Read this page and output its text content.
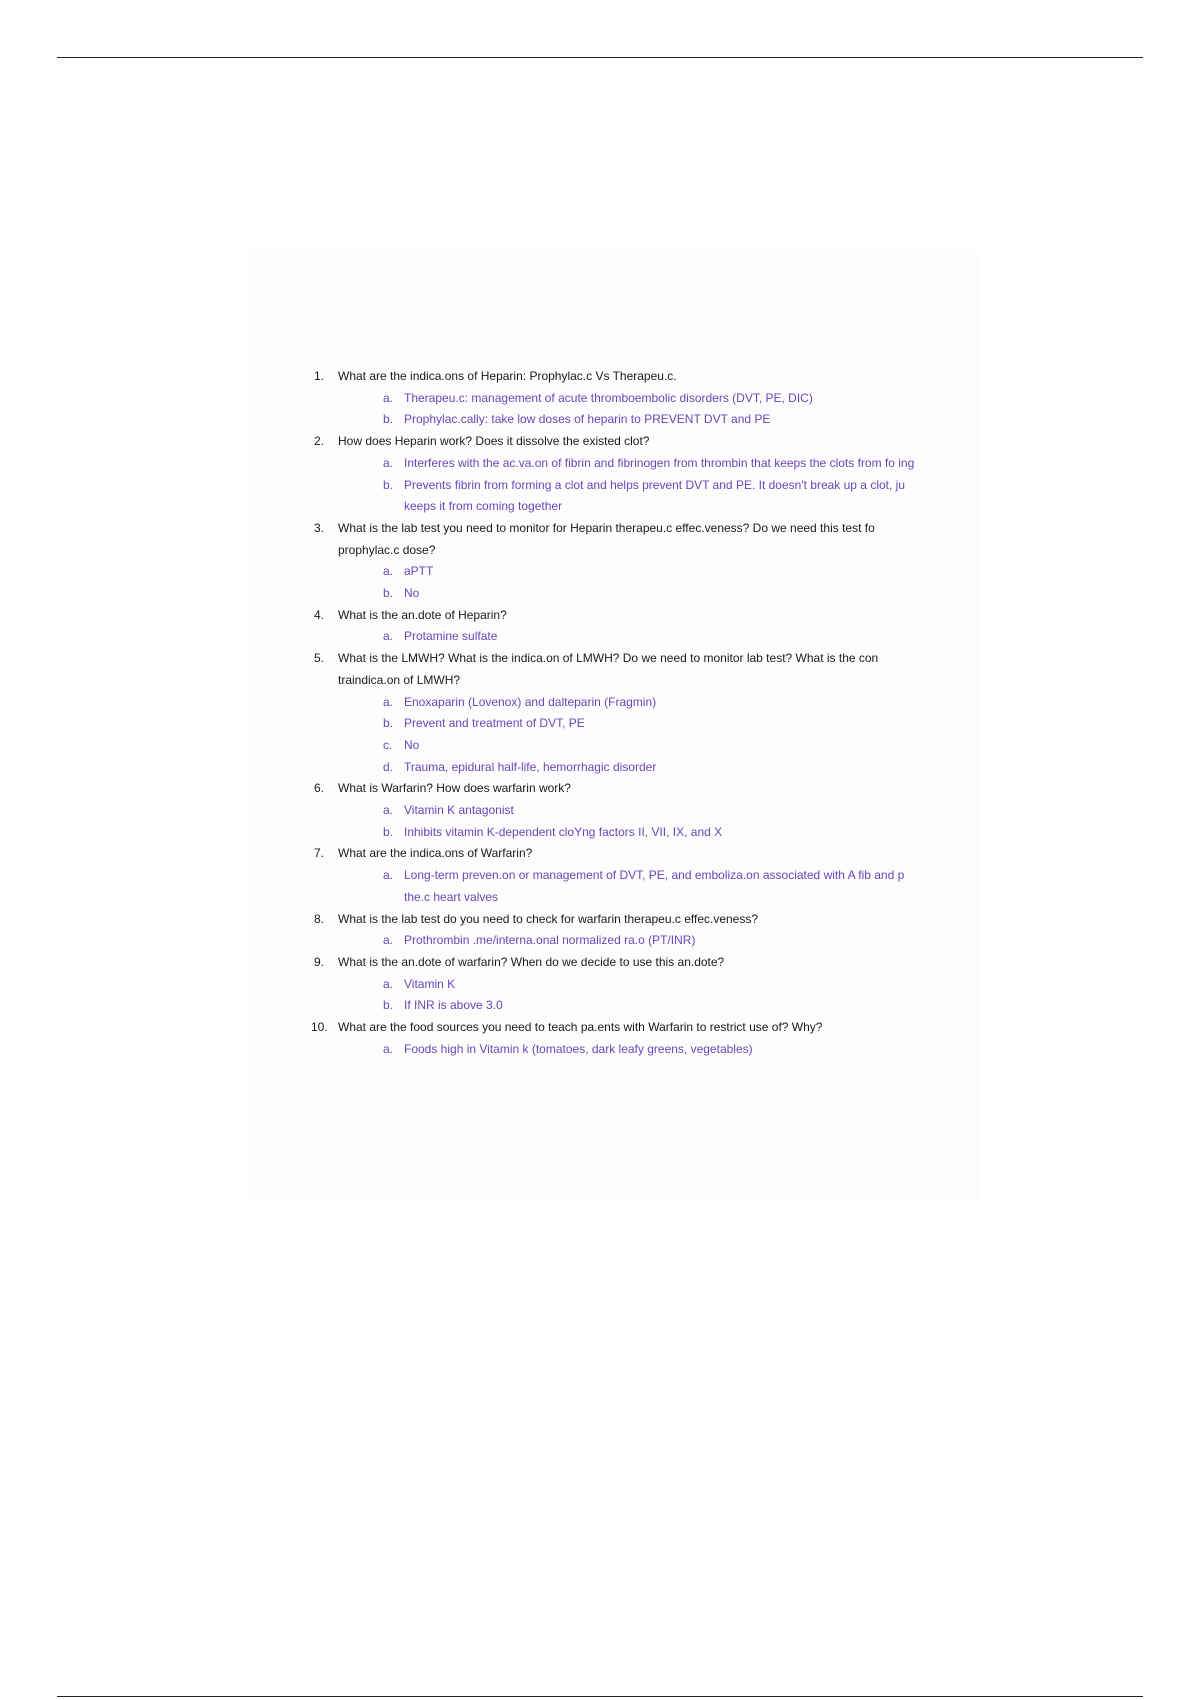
1. What are the indica.ons of Heparin: Prophylac.c Vs Therapeu.c.
a. Therapeu.c: management of acute thromboembolic disorders (DVT, PE, DIC)
b. Prophylac.cally: take low doses of heparin to PREVENT DVT and PE
2. How does Heparin work? Does it dissolve the existed clot?
a. Interferes with the ac.va.on of fibrin and fibrinogen from thrombin that keeps the clots from fo ing
b. Prevents fibrin from forming a clot and helps prevent DVT and PE. It doesn't break up a clot, ju keeps it from coming together
3. What is the lab test you need to monitor for Heparin therapeu.c effec.veness? Do we need this test fo prophylac.c dose?
a. aPTT
b. No
4. What is the an.dote of Heparin?
a. Protamine sulfate
5. What is the LMWH? What is the indica.on of LMWH? Do we need to monitor lab test? What is the con traindica.on of LMWH?
a. Enoxaparin (Lovenox) and dalteparin (Fragmin)
b. Prevent and treatment of DVT, PE
c. No
d. Trauma, epidural half-life, hemorrhagic disorder
6. What is Warfarin? How does warfarin work?
a. Vitamin K antagonist
b. Inhibits vitamin K-dependent cloYng factors II, VII, IX, and X
7. What are the indica.ons of Warfarin?
a. Long-term preven.on or management of DVT, PE, and emboliza.on associated with A fib and p the.c heart valves
8. What is the lab test do you need to check for warfarin therapeu.c effec.veness?
a. Prothrombin .me/interna.onal normalized ra.o (PT/INR)
9. What is the an.dote of warfarin? When do we decide to use this an.dote?
a. Vitamin K
b. If INR is above 3.0
10. What are the food sources you need to teach pa.ents with Warfarin to restrict use of? Why?
a. Foods high in Vitamin k (tomatoes, dark leafy greens, vegetables)
